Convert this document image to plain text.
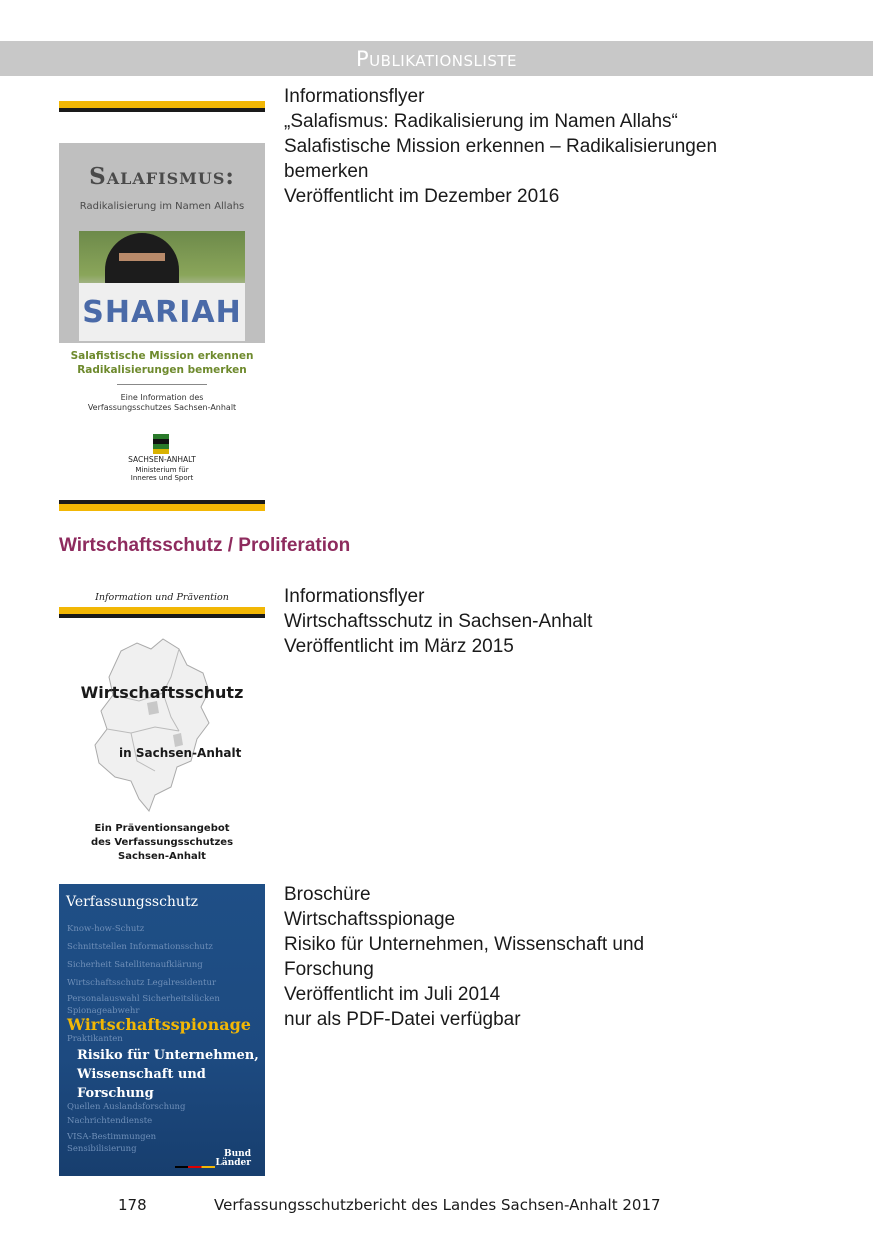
Publikationsliste
Salafismus:
Radikalisierung im Namen Allahs
SHARIAH
Salafistische Mission erkennen
Radikalisierungen bemerken
Eine Information des
Verfassungsschutzes Sachsen-Anhalt
SACHSEN-ANHALT
Ministerium für
Inneres und Sport
Informationsflyer
„Salafismus: Radikalisierung im Namen Allahs“
Salafistische Mission erkennen – Radikalisierungen
bemerken
Veröffentlicht im Dezember 2016
Wirtschaftsschutz / Proliferation
Information und Prävention
Wirtschaftsschutz
in Sachsen-Anhalt
Ein Präventionsangebot
des Verfassungsschutzes
Sachsen-Anhalt
Informationsflyer
Wirtschaftsschutz in Sachsen-Anhalt
Veröffentlicht im März 2015
Verfassungsschutz
Know-how-Schutz
Schnittstellen Informationsschutz
Sicherheit Satellitenaufklärung
Wirtschaftsschutz Legalresidentur
Personalauswahl Sicherheitslücken
Spionageabwehr
Praktikanten
Quellen Auslandsforschung
Nachrichtendienste
VISA-Bestimmungen
Sensibilisierung
Wirtschaftsspionage
Risiko für Unternehmen,
Wissenschaft und
Forschung
Bund
Länder
Broschüre
Wirtschaftsspionage
Risiko für Unternehmen, Wissenschaft und
Forschung
Veröffentlicht im Juli 2014
nur als PDF-Datei verfügbar
178	Verfassungsschutzbericht des Landes Sachsen-Anhalt 2017
